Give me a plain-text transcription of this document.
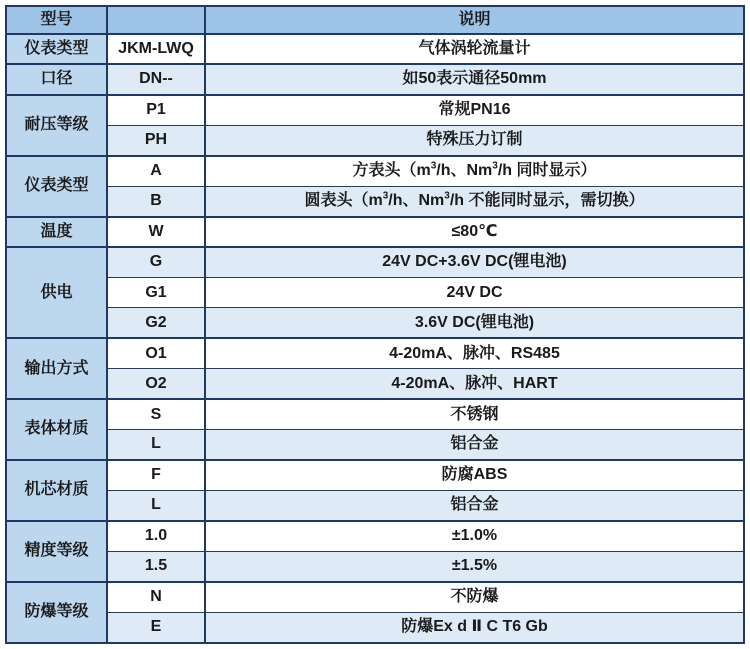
型号		说明
仪表类型	JKM-LWQ	气体涡轮流量计
口径	DN--	如50表示通径50mm
耐压等级	P1	常规PN16
	PH	特殊压力订制
仪表类型	A	方表头（$m^3/h$、Nm$^3$/h 同时显示）
	B	圆表头（$m^3/h$、Nm$^3$/h 不能同时显示，需切换）
温度	W	≤80℃
供电	G	24V DC+3.6V DC(锂电池)
	G1	24V DC
	G2	3.6V DC(锂电池)
输出方式	O1	4-20mA、脉冲、RS485
	O2	4-20mA、脉冲、HART
表体材质	S	不锈钢
	L	铝合金
机芯材质	F	防腐ABS
	L	铝合金
精度等级	1.0	±1.0%
	1.5	±1.5%
防爆等级	N	不防爆
	E	防爆Ex d Ⅱ C T6 Gb
